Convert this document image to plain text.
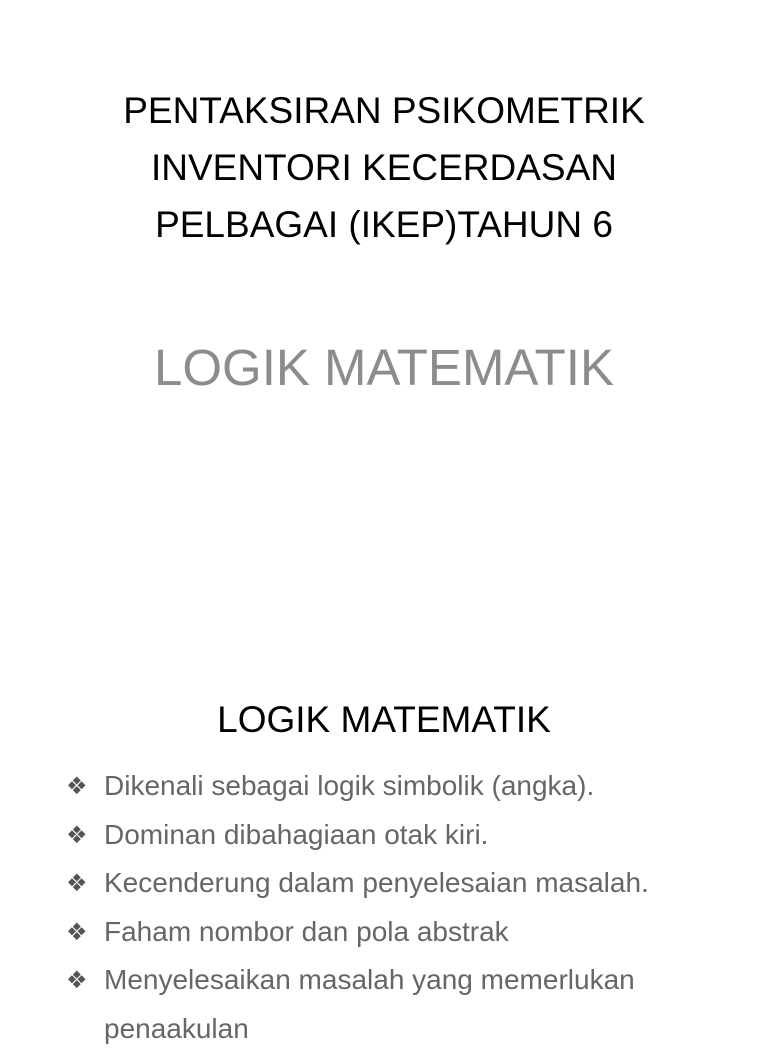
PENTAKSIRAN PSIKOMETRIK
INVENTORI KECERDASAN
PELBAGAI (IKEP)TAHUN 6
LOGIK MATEMATIK
LOGIK MATEMATIK
❖ Dikenali sebagai logik simbolik (angka).
❖ Dominan dibahagiaan otak kiri.
❖ Kecenderung dalam penyelesaian masalah.
❖ Faham nombor dan pola abstrak
❖ Menyelesaikan masalah yang memerlukan
penaakulan
